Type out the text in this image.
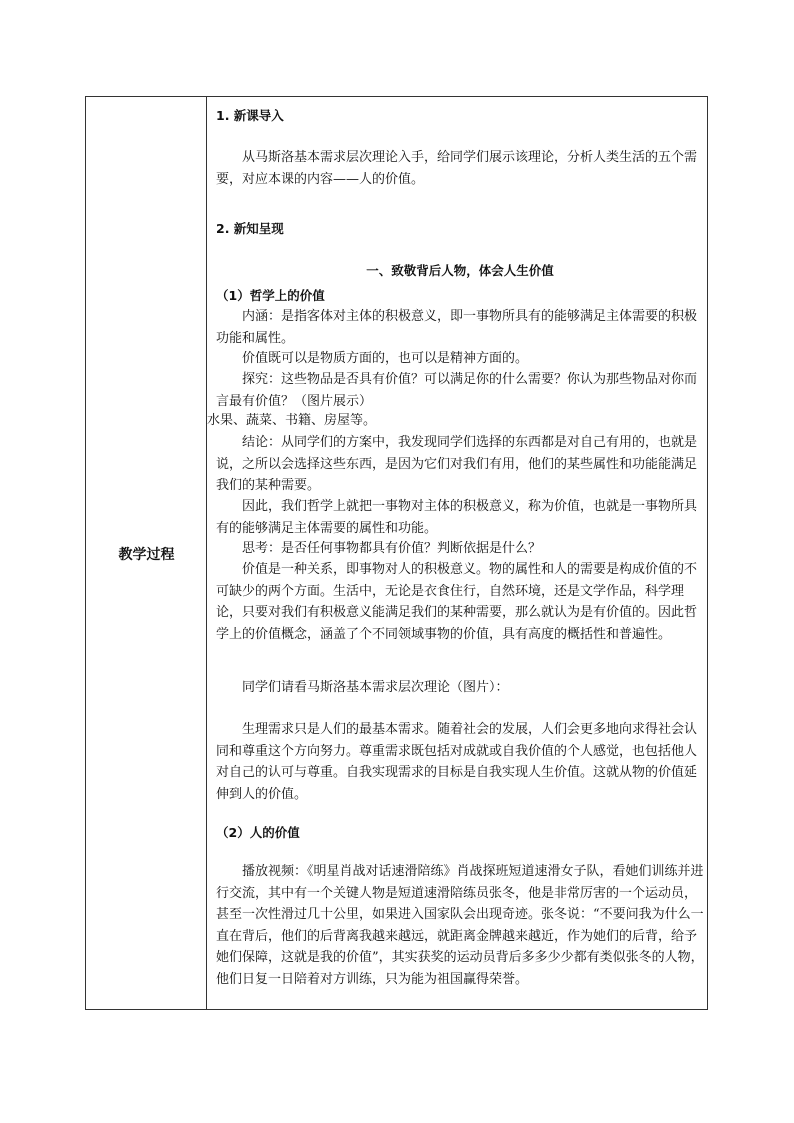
教学过程

1. 新课导入

从马斯洛基本需求层次理论入手，给同学们展示该理论，分析人类生活的五个需要，对应本课的内容——人的价值。

2. 新知呈现

一、致敬背后人物，体会人生价值

（1）哲学上的价值

内涵：是指客体对主体的积极意义，即一事物所具有的能够满足主体需要的积极功能和属性。

价值既可以是物质方面的，也可以是精神方面的。

探究：这些物品是否具有价值？可以满足你的什么需要？你认为那些物品对你而言最有价值？（图片展示）

水果、蔬菜、书籍、房屋等。

结论：从同学们的方案中，我发现同学们选择的东西都是对自己有用的，也就是说，之所以会选择这些东西，是因为它们对我们有用，他们的某些属性和功能能满足我们的某种需要。

因此，我们哲学上就把一事物对主体的积极意义，称为价值，也就是一事物所具有的能够满足主体需要的属性和功能。

思考：是否任何事物都具有价值？判断依据是什么？

价值是一种关系，即事物对人的积极意义。物的属性和人的需要是构成价值的不可缺少的两个方面。生活中，无论是衣食住行，自然环境，还是文学作品，科学理论，只要对我们有积极意义能满足我们的某种需要，那么就认为是有价值的。因此哲学上的价值概念，涵盖了个不同领域事物的价值，具有高度的概括性和普遍性。

同学们请看马斯洛基本需求层次理论（图片）：

生理需求只是人们的最基本需求。随着社会的发展，人们会更多地向求得社会认同和尊重这个方向努力。尊重需求既包括对成就或自我价值的个人感觉，也包括他人对自己的认可与尊重。自我实现需求的目标是自我实现人生价值。这就从物的价值延伸到人的价值。

（2）人的价值

播放视频：《明星肖战对话速滑陪练》肖战探班短道速滑女子队，看她们训练并进行交流，其中有一个关键人物是短道速滑陪练员张冬，他是非常厉害的一个运动员，甚至一次性滑过几十公里，如果进入国家队会出现奇迹。张冬说：“不要问我为什么一直在背后，他们的后背离我越来越远，就距离金牌越来越近，作为她们的后背，给予她们保障，这就是我的价值”，其实获奖的运动员背后多多少少都有类似张冬的人物，他们日复一日陪着对方训练，只为能为祖国赢得荣誉。
